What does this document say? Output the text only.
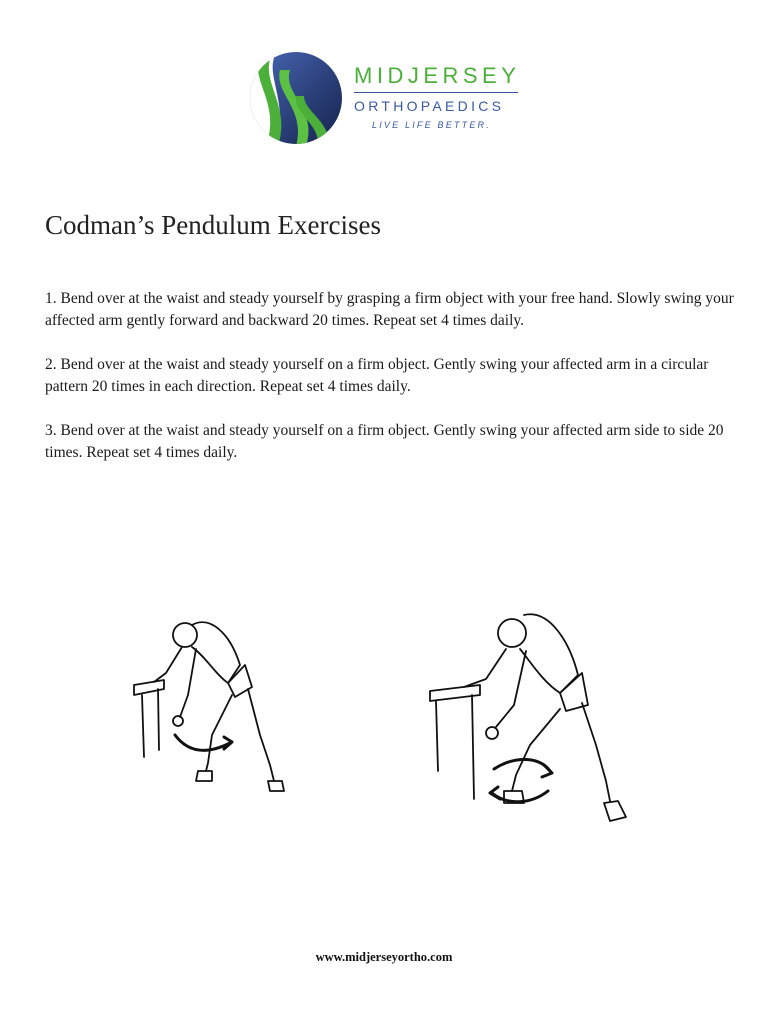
MIDJERSEY
ORTHOPAEDICS
LIVE LIFE BETTER.
Codman’s Pendulum Exercises

1. Bend over at the waist and steady yourself by grasping a firm object with your free hand. Slowly swing your affected arm gently forward and backward 20 times. Repeat set 4 times daily.

2. Bend over at the waist and steady yourself on a firm object. Gently swing your affected arm in a circular pattern 20 times in each direction. Repeat set 4 times daily.

3. Bend over at the waist and steady yourself on a firm object. Gently swing your affected arm side to side 20 times. Repeat set 4 times daily.

www.midjerseyortho.com
